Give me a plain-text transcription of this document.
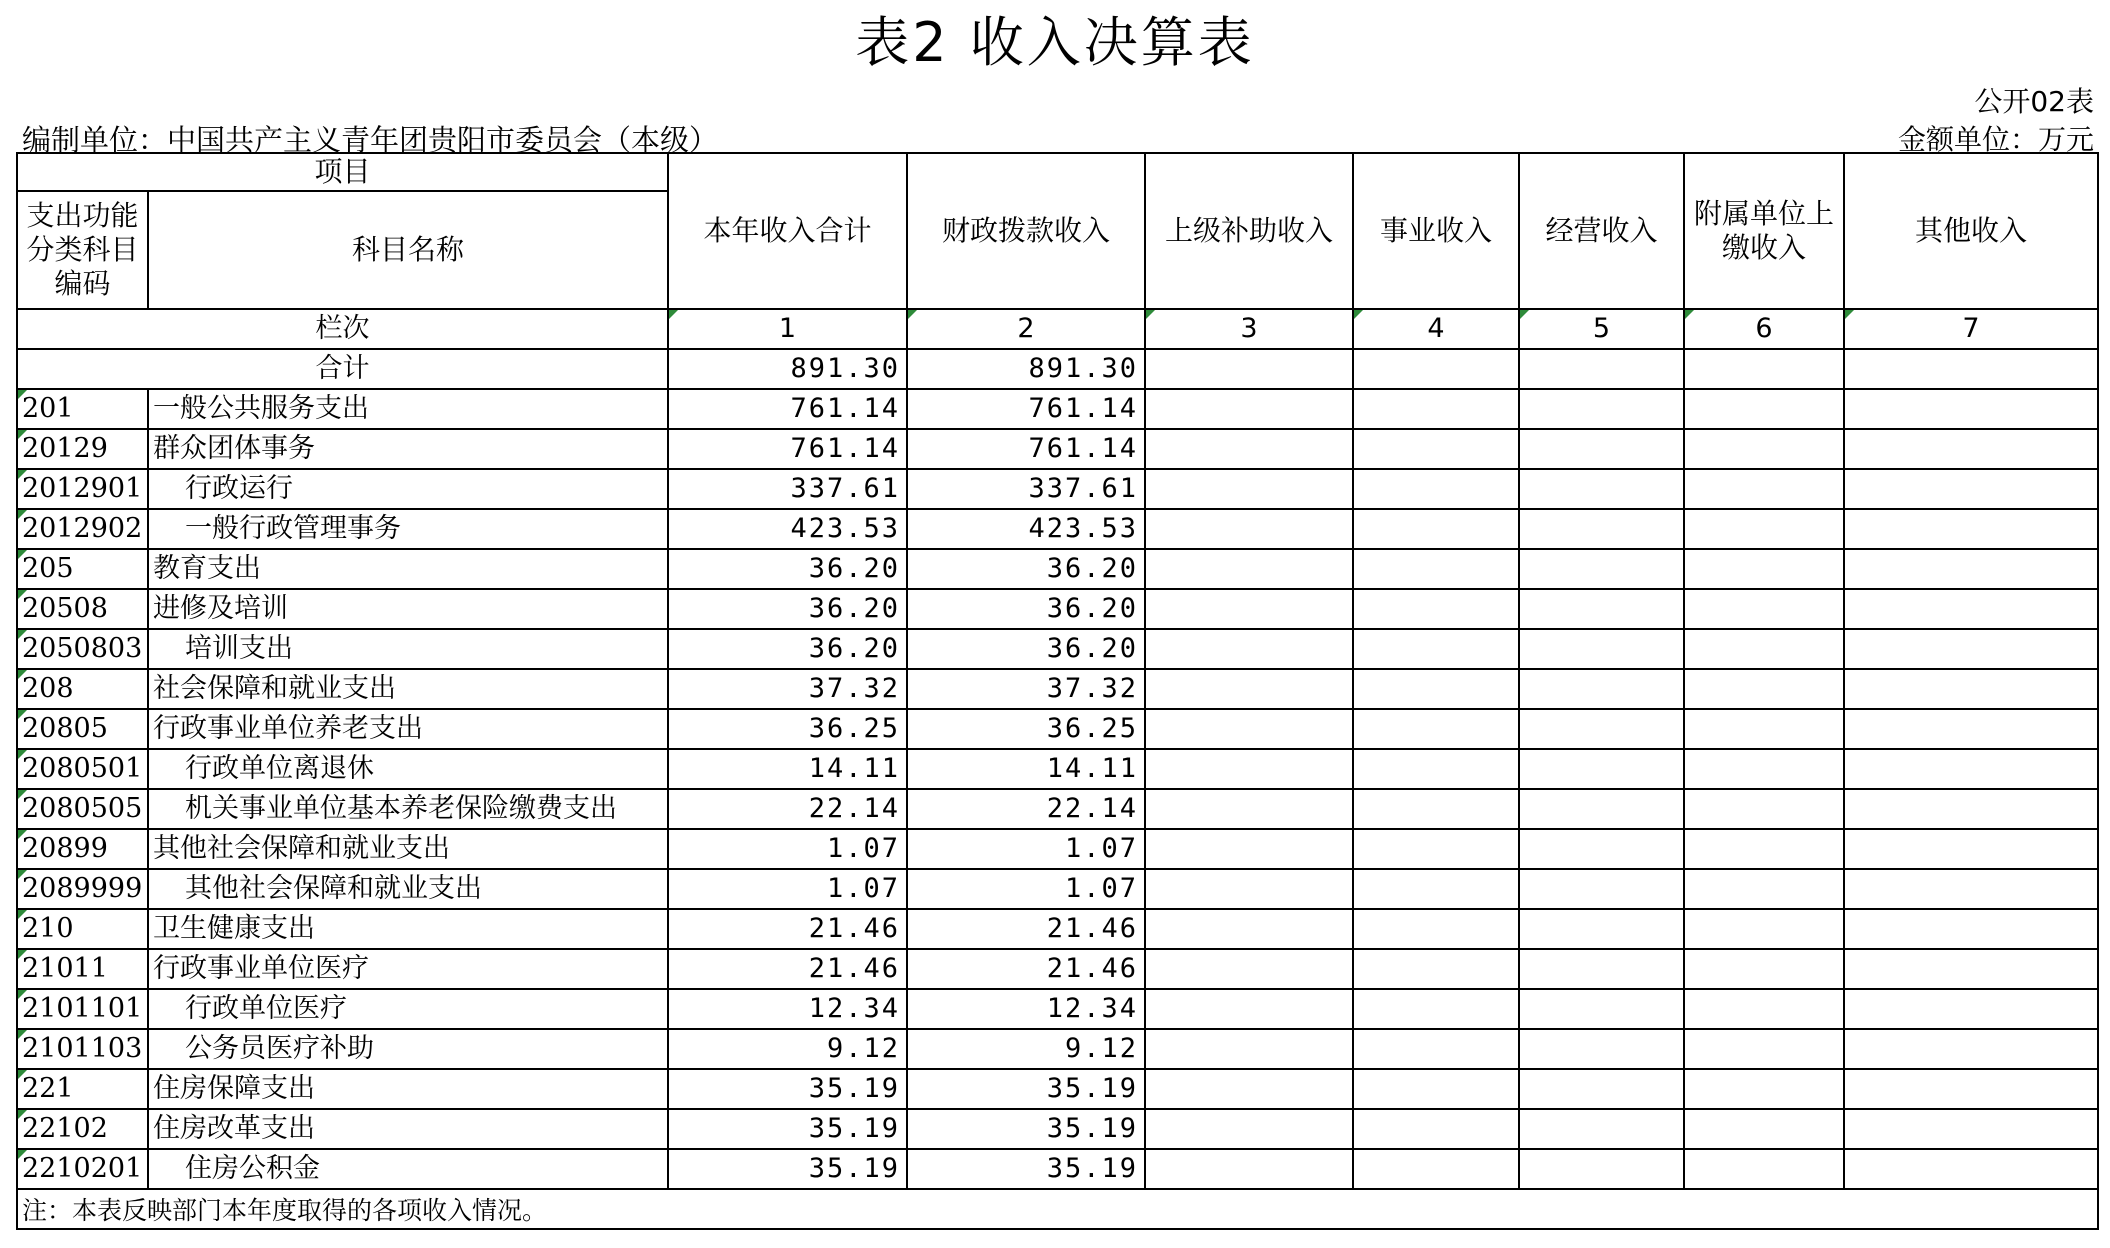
表2 收入决算表
公开02表
金额单位：万元
编制单位：中国共产主义青年团贵阳市委员会（本级）
项目		本年收入合计	财政拨款收入	上级补助收入	事业收入	经营收入	附属单位上缴收入	其他收入
支出功能分类科目编码	科目名称							
栏次		1	2	3	4	5	6	7
合计		891.30	891.30					
201	一般公共服务支出	761.14	761.14					
20129	群众团体事务	761.14	761.14					
2012901	行政运行	337.61	337.61					
2012902	一般行政管理事务	423.53	423.53					
205	教育支出	36.20	36.20					
20508	进修及培训	36.20	36.20					
2050803	培训支出	36.20	36.20					
208	社会保障和就业支出	37.32	37.32					
20805	行政事业单位养老支出	36.25	36.25					
2080501	行政单位离退休	14.11	14.11					
2080505	机关事业单位基本养老保险缴费支出	22.14	22.14					
20899	其他社会保障和就业支出	1.07	1.07					
2089999	其他社会保障和就业支出	1.07	1.07					
210	卫生健康支出	21.46	21.46					
21011	行政事业单位医疗	21.46	21.46					
2101101	行政单位医疗	12.34	12.34					
2101103	公务员医疗补助	9.12	9.12					
221	住房保障支出	35.19	35.19					
22102	住房改革支出	35.19	35.19					
2210201	住房公积金	35.19	35.19					
注：本表反映部门本年度取得的各项收入情况。								
